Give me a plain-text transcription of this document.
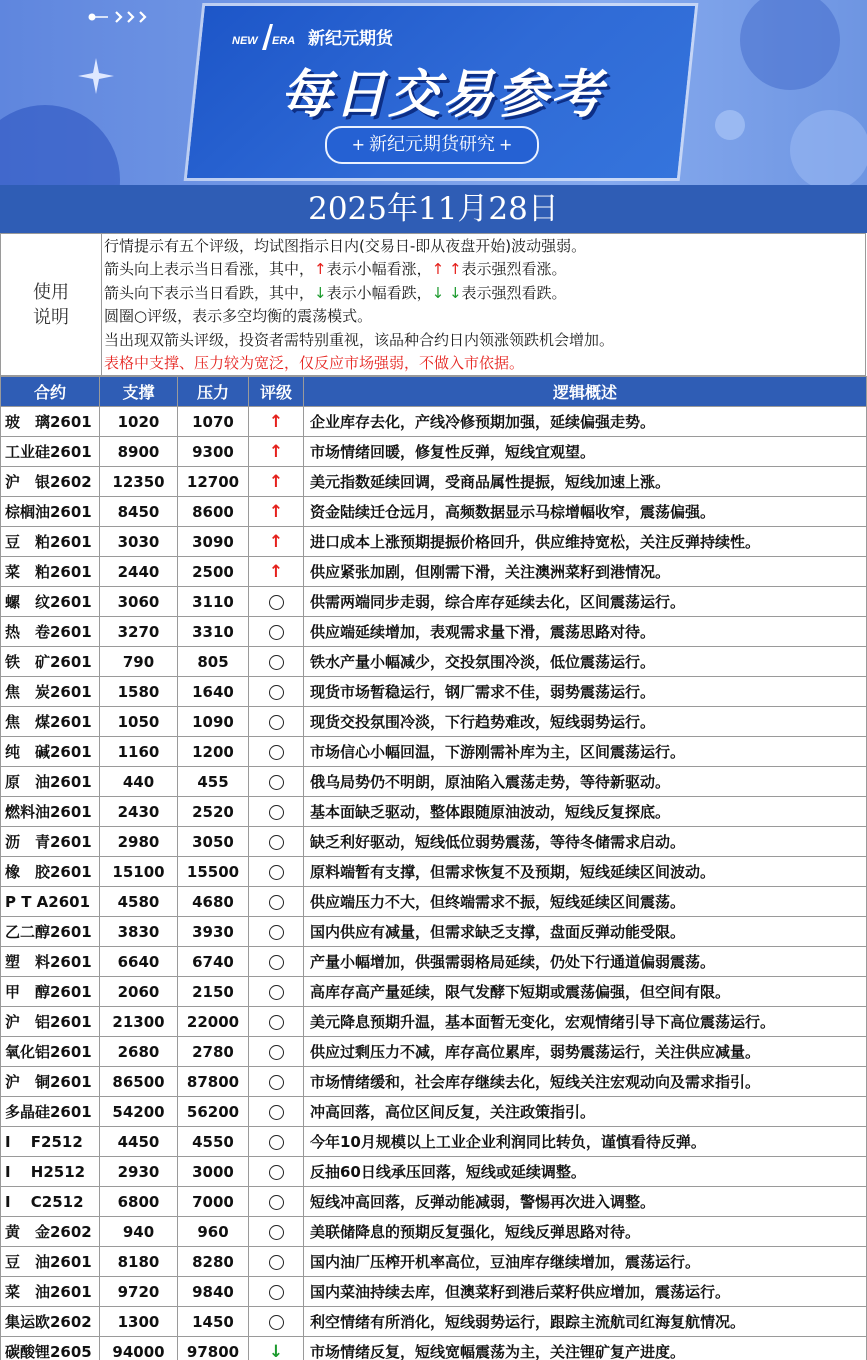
NEW ERA 新纪元期货
每日交易参考
+ 新纪元期货研究 +
2025年11月28日
使用
说明
行情提示有五个评级，均试图指示日内(交易日-即从夜盘开始)波动强弱。
箭头向上表示当日看涨，其中，↑表示小幅看涨，↑ ↑表示强烈看涨。
箭头向下表示当日看跌，其中，↓表示小幅看跌，↓ ↓表示强烈看跌。
圆圈○评级，表示多空均衡的震荡模式。
当出现双箭头评级，投资者需特别重视，该品种合约日内领涨领跌机会增加。
表格中支撑、压力较为宽泛，仅反应市场强弱，不做入市依据。
合约	支撑	压力	评级	逻辑概述
玻　璃2601	1020	1070	↑	企业库存去化，产线冷修预期加强，延续偏强走势。
工业硅2601	8900	9300	↑	市场情绪回暖，修复性反弹，短线宜观望。
沪　银2602	12350	12700	↑	美元指数延续回调，受商品属性提振，短线加速上涨。
棕榈油2601	8450	8600	↑	资金陆续迁仓远月，高频数据显示马棕增幅收窄，震荡偏强。
豆　粕2601	3030	3090	↑	进口成本上涨预期提振价格回升，供应维持宽松，关注反弹持续性。
菜　粕2601	2440	2500	↑	供应紧张加剧，但刚需下滑，关注澳洲菜籽到港情况。
螺　纹2601	3060	3110		供需两端同步走弱，综合库存延续去化，区间震荡运行。
热　卷2601	3270	3310		供应端延续增加，表观需求量下滑，震荡思路对待。
铁　矿2601	790	805		铁水产量小幅减少，交投氛围冷淡，低位震荡运行。
焦　炭2601	1580	1640		现货市场暂稳运行，钢厂需求不佳，弱势震荡运行。
焦　煤2601	1050	1090		现货交投氛围冷淡，下行趋势难改，短线弱势运行。
纯　碱2601	1160	1200		市场信心小幅回温，下游刚需补库为主，区间震荡运行。
原　油2601	440	455		俄乌局势仍不明朗，原油陷入震荡走势，等待新驱动。
燃料油2601	2430	2520		基本面缺乏驱动，整体跟随原油波动，短线反复探底。
沥　青2601	2980	3050		缺乏利好驱动，短线低位弱势震荡，等待冬储需求启动。
橡　胶2601	15100	15500		原料端暂有支撑，但需求恢复不及预期，短线延续区间波动。
P T A2601	4580	4680		供应端压力不大，但终端需求不振，短线延续区间震荡。
乙二醇2601	3830	3930		国内供应有减量，但需求缺乏支撑，盘面反弹动能受限。
塑　料2601	6640	6740		产量小幅增加，供强需弱格局延续，仍处下行通道偏弱震荡。
甲　醇2601	2060	2150		高库存高产量延续，限气发酵下短期或震荡偏强，但空间有限。
沪　铝2601	21300	22000		美元降息预期升温，基本面暂无变化，宏观情绪引导下高位震荡运行。
氧化铝2601	2680	2780		供应过剩压力不减，库存高位累库，弱势震荡运行，关注供应减量。
沪　铜2601	86500	87800		市场情绪缓和，社会库存继续去化，短线关注宏观动向及需求指引。
多晶硅2601	54200	56200		冲高回落，高位区间反复，关注政策指引。
I　 F2512	4450	4550		今年10月规模以上工业企业利润同比转负，谨慎看待反弹。
I　 H2512	2930	3000		反抽60日线承压回落，短线或延续调整。
I　 C2512	6800	7000		短线冲高回落，反弹动能减弱，警惕再次进入调整。
黄　金2602	940	960		美联储降息的预期反复强化，短线反弹思路对待。
豆　油2601	8180	8280		国内油厂压榨开机率高位，豆油库存继续增加，震荡运行。
菜　油2601	9720	9840		国内菜油持续去库，但澳菜籽到港后菜籽供应增加，震荡运行。
集运欧2602	1300	1450		利空情绪有所消化，短线弱势运行，跟踪主流航司红海复航情况。
碳酸锂2605	94000	97800	↓	市场情绪反复，短线宽幅震荡为主，关注锂矿复产进度。
